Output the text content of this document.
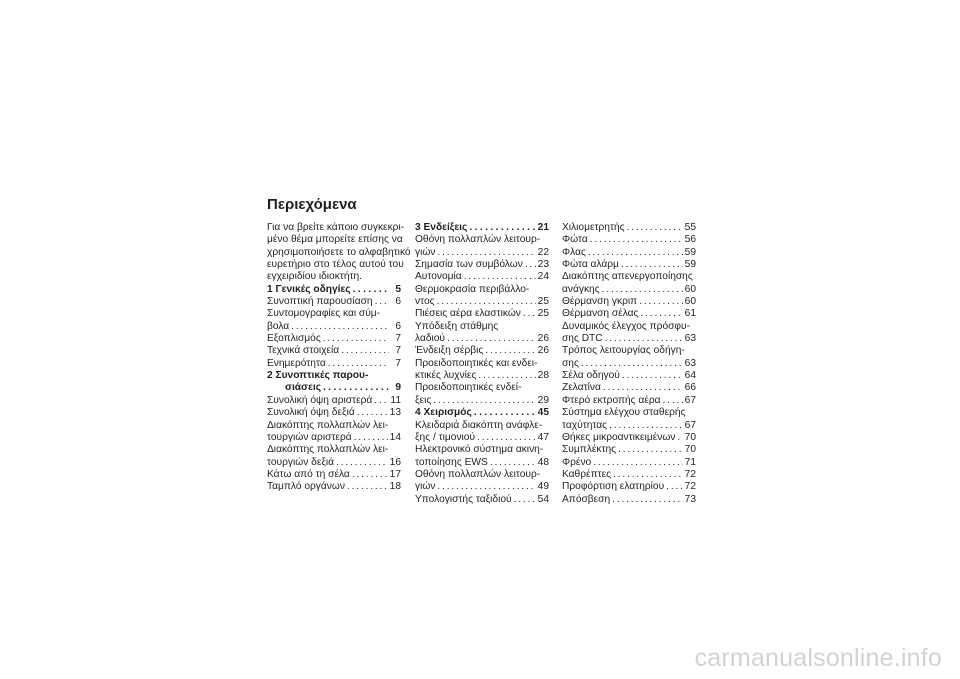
Περιεχόμενα
Για να βρείτε κάποιο συγκεκρι-
μένο θέμα μπορείτε επίσης να
χρησιμοποιήσετε το αλφαβητικό
ευρετήριο στο τέλος αυτού του
εγχειριδίου ιδιοκτήτη.
1 Γενικές οδηγίες . . .	5
Συνοπτική παρουσίαση . . .	6
Συντομογραφίες και σύμ-
βολα . . .	6
Εξοπλισμός . . .	7
Τεχνικά στοιχεία . . .	7
Ενημερότητα . . .	7
2 Συνοπτικές παρου-
σιάσεις . . .	9
Συνολική όψη αριστερά . . . 11
Συνολική όψη δεξιά . . .	13
Διακόπτης πολλαπλών λει-
τουργιών αριστερά . . .	14
Διακόπτης πολλαπλών λει-
τουργιών δεξιά . . .	16
Κάτω από τη σέλα . . .	17
Ταμπλό οργάνων . . .	18
3 Ενδείξεις . . .	21
Οθόνη πολλαπλών λειτουρ-
γιών . . .	22
Σημασία των συμβόλων . . . 23
Αυτονομία . . .	24
Θερμοκρασία περιβάλλο-
ντος . . .	25
Πιέσεις αέρα ελαστικών . . . 25
Υπόδειξη στάθμης
λαδιού . . .	26
Ένδειξη σέρβις . . .	26
Προειδοποιητικές και ενδει-
κτικές λυχνίες . . .	28
Προειδοποιητικές ενδεί-
ξεις . . .	29
4 Χειρισμός . . .	45
Κλειδαριά διακόπτη ανάφλε-
ξης / τιμονιού . . .	47
Ηλεκτρονικό σύστημα ακινη-
τοποίησης EWS . . .	48
Οθόνη πολλαπλών λειτουρ-
γιών . . .	49
Υπολογιστής ταξιδιού . . .	54
Χιλιομετρητής . . .	55
Φώτα . . .	56
Φλας . . .	59
Φώτα αλάρμ . . .	59
Διακόπτης απενεργοποίησης
ανάγκης . . .	60
Θέρμανση γκριπ . . .	60
Θέρμανση σέλας . . .	61
Δυναμικός έλεγχος πρόσφυ-
σης DTC . . .	63
Τρόπος λειτουργίας οδήγη-
σης . . .	63
Σέλα οδηγού . . .	64
Ζελατίνα . . .	66
Φτερό εκτροπής αέρα . . . 67
Σύστημα ελέγχου σταθερής
ταχύτητας . . .	67
Θήκες μικροαντικειμένων . . . 70
Συμπλέκτης . . .	70
Φρένο . . .	71
Καθρέπτες . . .	72
Προφόρτιση ελατηρίου . . . 72
Απόσβεση . . .	73
carmanualsonline.info
